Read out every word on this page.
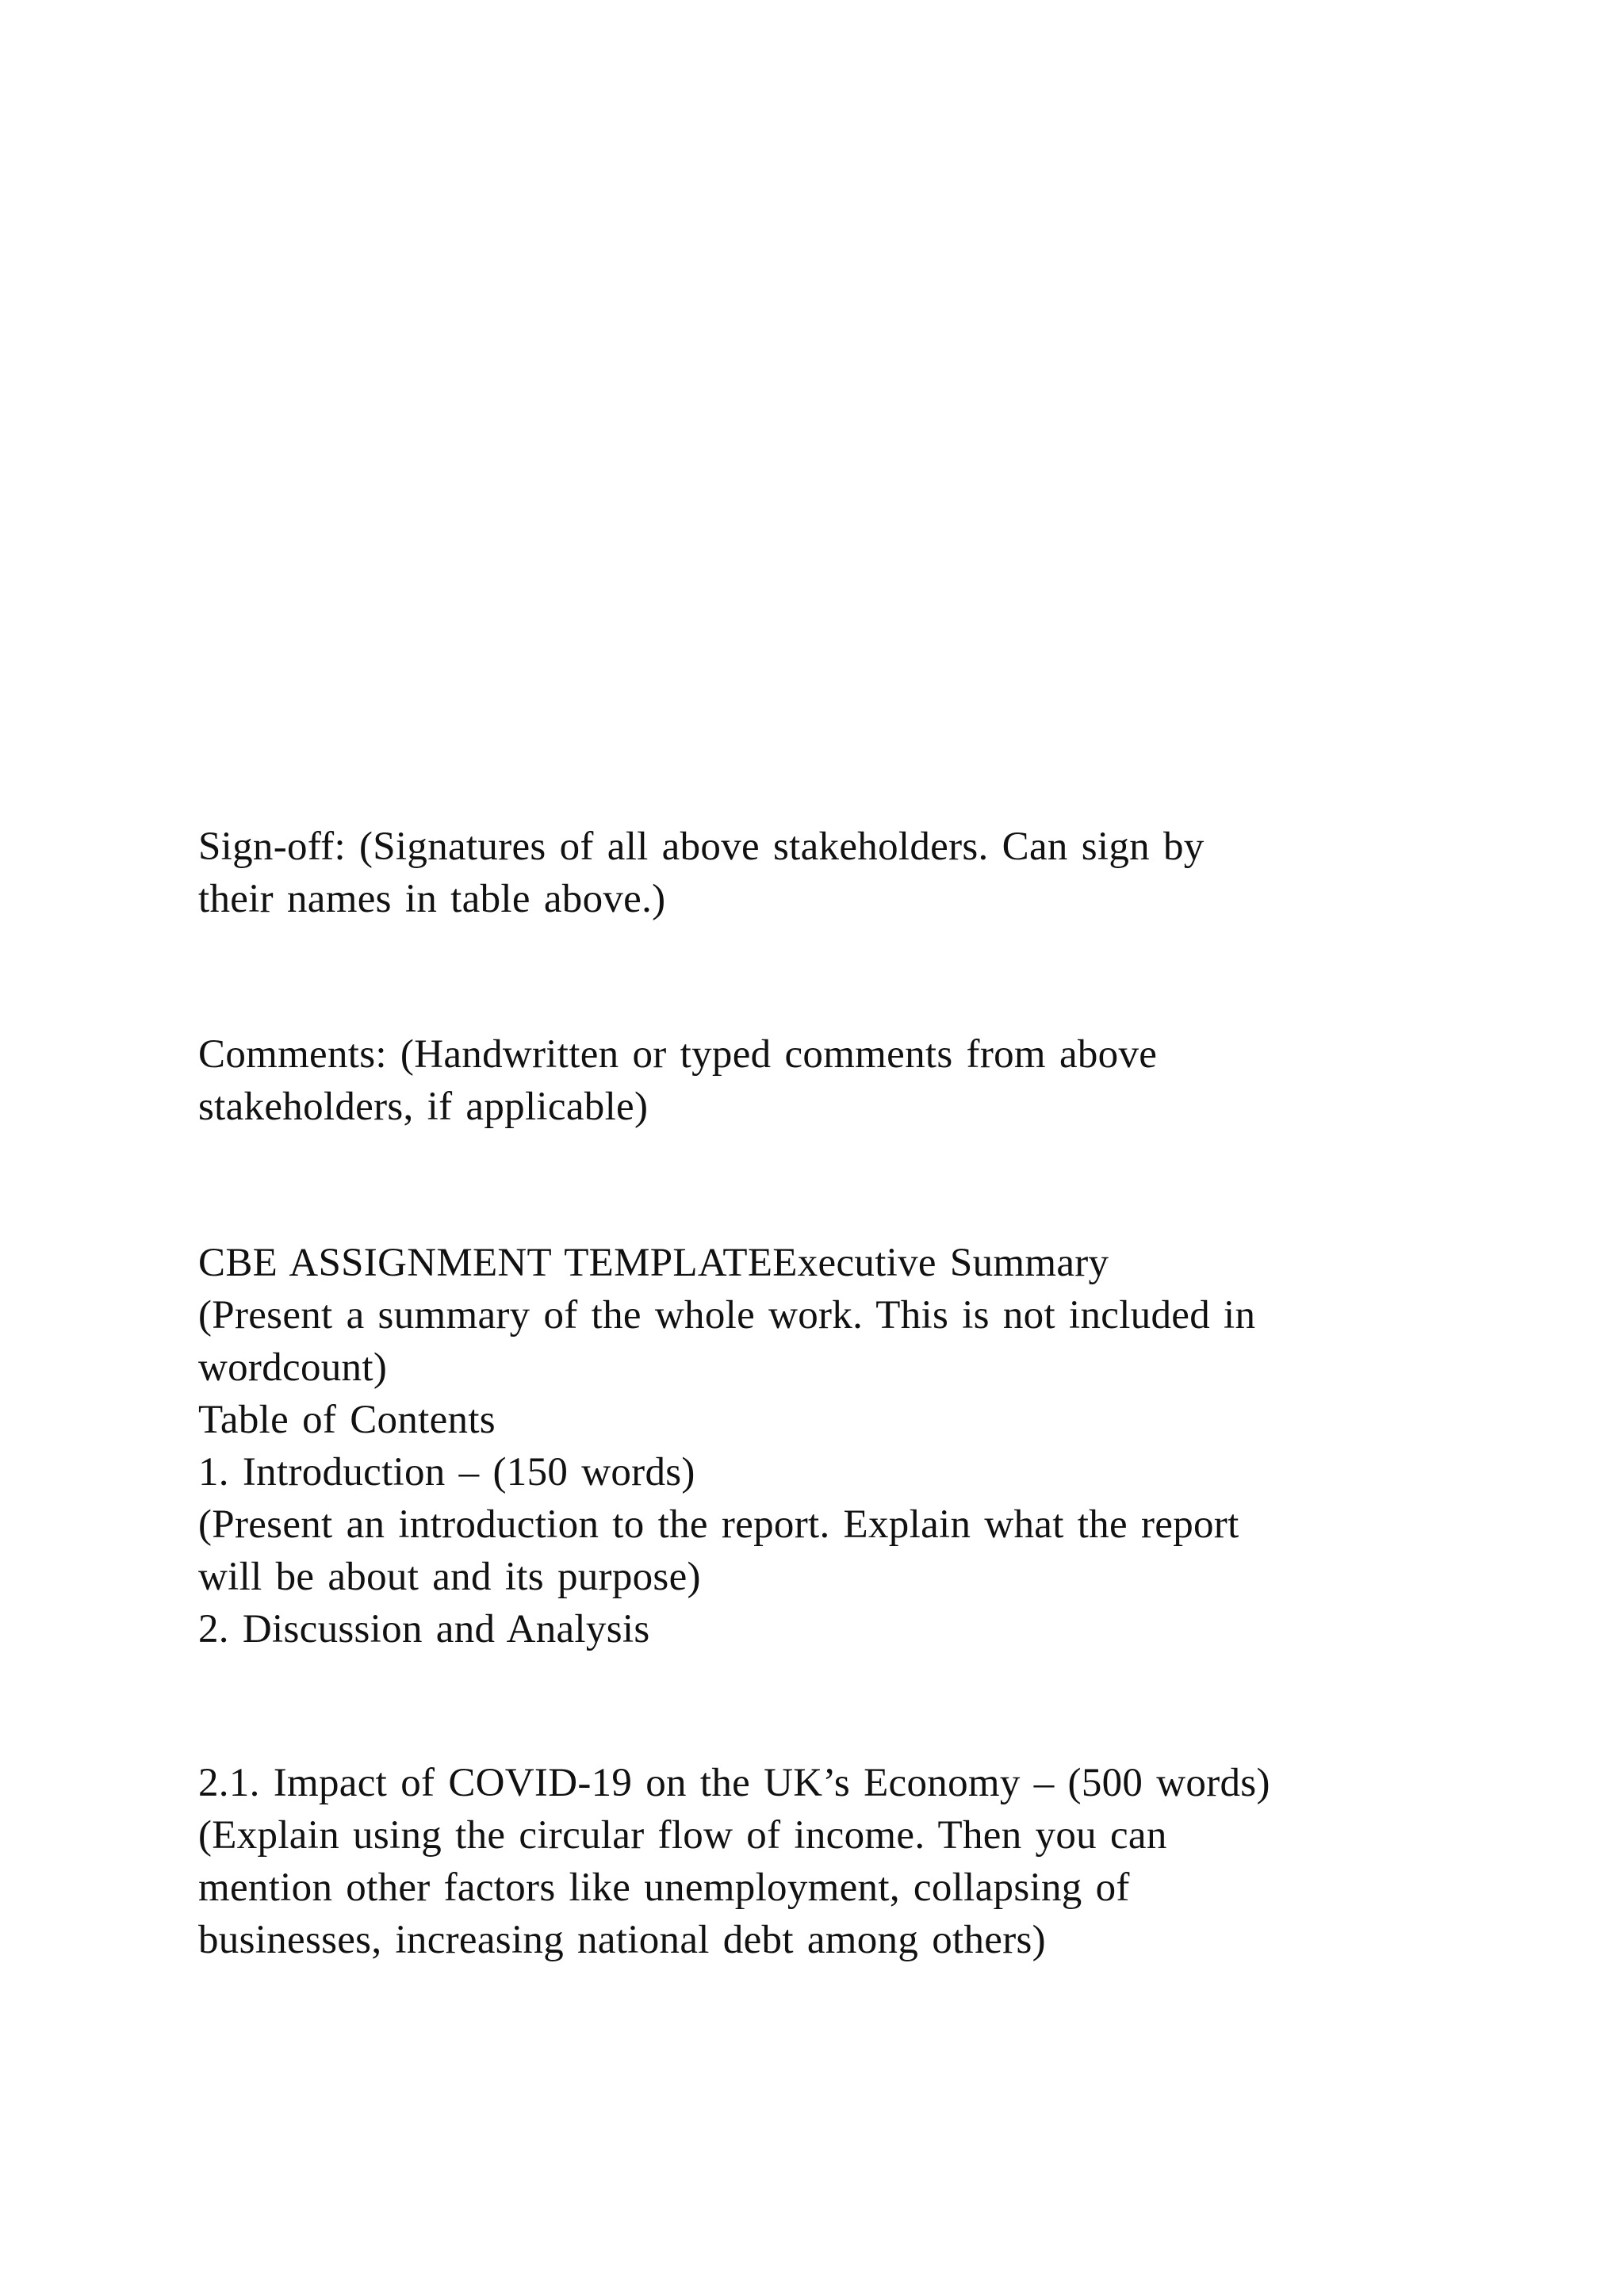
Sign-off: (Signatures of all above stakeholders. Can sign by
their names in table above.)
Comments: (Handwritten or typed comments from above
stakeholders, if applicable)
CBE ASSIGNMENT TEMPLATEExecutive Summary
(Present a summary of the whole work. This is not included in
wordcount)
Table of Contents
1. Introduction – (150 words)
(Present an introduction to the report. Explain what the report
will be about and its purpose)
2. Discussion and Analysis
2.1. Impact of COVID-19 on the UK’s Economy – (500 words)
(Explain using the circular flow of income. Then you can
mention other factors like unemployment, collapsing of
businesses, increasing national debt among others)
